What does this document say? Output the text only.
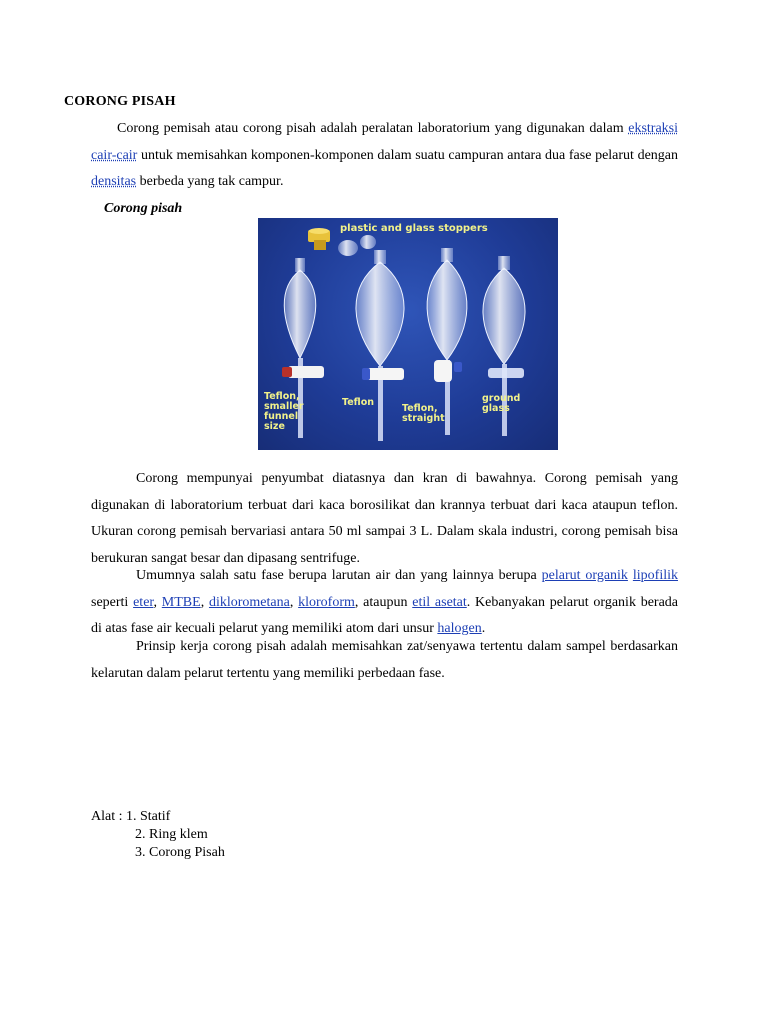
CORONG PISAH

Corong pemisah atau corong pisah adalah peralatan laboratorium yang digunakan dalam ekstraksi cair-cair untuk memisahkan komponen-komponen dalam suatu campuran antara dua fase pelarut dengan densitas berbeda yang tak campur.

Corong pisah
plastic and glass stoppers
Teflon, smaller funnel size
Teflon
Teflon, straight
ground glass

Corong mempunyai penyumbat diatasnya dan kran di bawahnya. Corong pemisah yang digunakan di laboratorium terbuat dari kaca borosilikat dan krannya terbuat dari kaca ataupun teflon. Ukuran corong pemisah bervariasi antara 50 ml sampai 3 L. Dalam skala industri, corong pemisah bisa berukuran sangat besar dan dipasang sentrifuge.

Umumnya salah satu fase berupa larutan air dan yang lainnya berupa pelarut organik lipofilik seperti eter, MTBE, diklorometana, kloroform, ataupun etil asetat. Kebanyakan pelarut organik berada di atas fase air kecuali pelarut yang memiliki atom dari unsur halogen.

Prinsip kerja corong pisah adalah memisahkan zat/senyawa tertentu dalam sampel berdasarkan kelarutan dalam pelarut tertentu yang memiliki perbedaan fase.

Alat : 1. Statif
2. Ring klem
3. Corong Pisah
